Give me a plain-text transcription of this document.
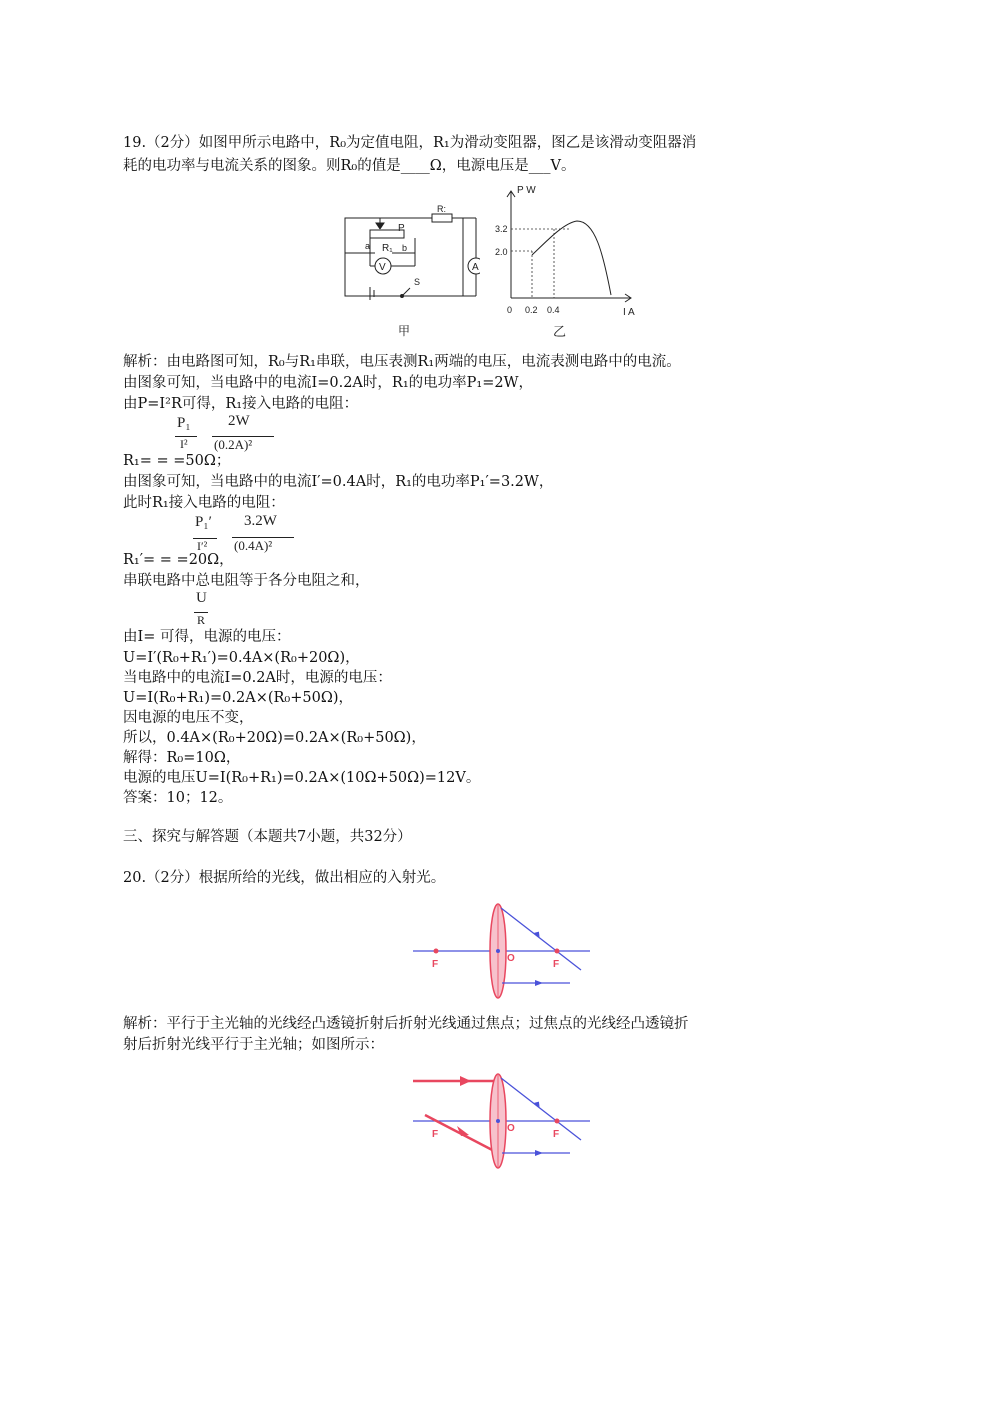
19.（2分）如图甲所示电路中，R₀为定值电阻，R₁为滑动变阻器，图乙是该滑动变阻器消
耗的电功率与电流关系的图象。则R₀的值是____Ω，电源电压是___V。
P
a R₁ b
V	A
S
R:
甲
P W
3.2
2.0
0 0.2 0.4	I A
乙
解析：由电路图可知，R₀与R₁串联，电压表测R₁两端的电压，电流表测电路中的电流。
由图象可知，当电路中的电流I=0.2A时，R₁的电功率P₁=2W，
由P=I²R可得，R₁接入电路的电阻：
P₁
I²
2W
(0.2A)²
R₁= = =50Ω；
由图象可知，当电路中的电流I′=0.4A时，R₁的电功率P₁′=3.2W，
此时R₁接入电路的电阻：
P₁′
I′²
3.2W
(0.4A)²
R₁′= = =20Ω，
串联电路中总电阻等于各分电阻之和，
U
R
由I= 可得，电源的电压：
U=I′(R₀+R₁′)=0.4A×(R₀+20Ω)，
当电路中的电流I=0.2A时，电源的电压：
U=I(R₀+R₁)=0.2A×(R₀+50Ω)，
因电源的电压不变，
所以，0.4A×(R₀+20Ω)=0.2A×(R₀+50Ω)，
解得：R₀=10Ω，
电源的电压U=I(R₀+R₁)=0.2A×(10Ω+50Ω)=12V。
答案：10；12。
三、探究与解答题（本题共7小题，共32分）
20.（2分）根据所给的光线，做出相应的入射光。
F
O
F
解析：平行于主光轴的光线经凸透镜折射后折射光线通过焦点；过焦点的光线经凸透镜折
射后折射光线平行于主光轴；如图所示：
F
O
F
